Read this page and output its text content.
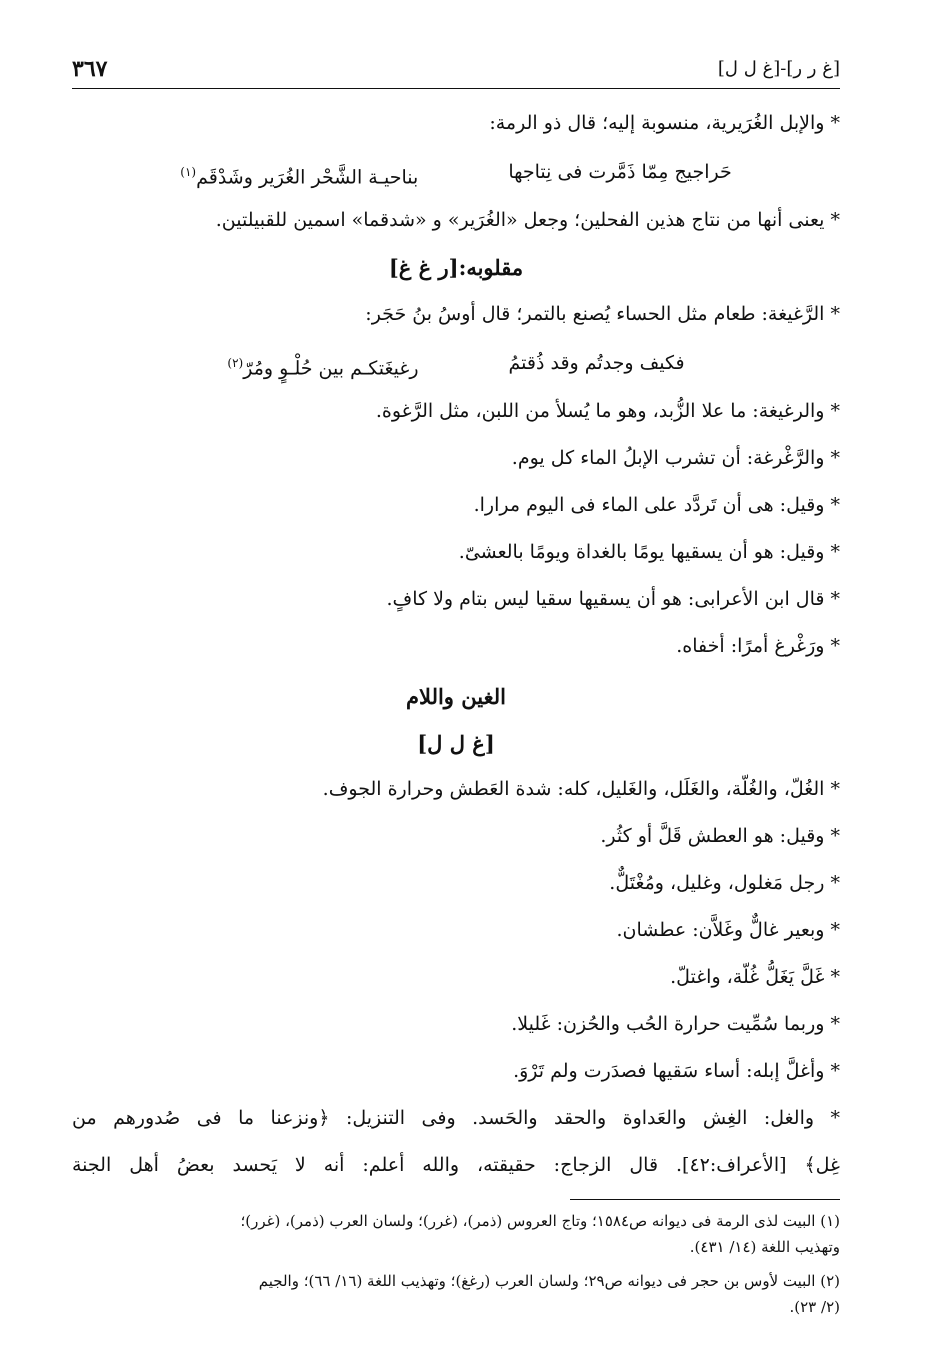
[غ ر ر]-[غ ل ل]
٣٦٧
* والإبل الغُرَيرية، منسوبة إليه؛ قال ذو الرمة:
حَراجيج مِمّا ذَمَّرت فى نِتاجها
بناحيـة الشَّحْر الغُرَير وشَدْقَم$^{(١)}$
* يعنى أنها من نتاج هذين الفحلين؛ وجعل «الغُرَير» و «شدقما» اسمين للقبيلتين.
مقلوبه:[ر غ غ]
* الرَّغيغة: طعام مثل الحساء يُصنع بالتمر؛ قال أوسُ بنُ حَجَر:
فكيف وجدتُم وقد ذُقتمُ
رغيغَتكـم بين حُلْـوٍ ومُرّ$^{(٢)}$
* والرغيغة: ما علا الزُّبد، وهو ما يُسلأ من اللبن، مثل الرَّغوة.
* والرَّغْرغة: أن تشرب الإبلُ الماء كل يوم.
* وقيل: هى أن تَردَّد على الماء فى اليوم مرارا.
* وقيل: هو أن يسقيها يومًا بالغداة ويومًا بالعشىّ.
* قال ابن الأعرابى: هو أن يسقيها سقيا ليس بتام ولا كافٍ.
* ورَغْرغ أمرًا: أخفاه.
الغين واللام
[غ ل ل]
* الغُلّ، والغُلّة، والغَلَل، والغَليل، كله: شدة العَطش وحرارة الجوف.
* وقيل: هو العطش قَلَّ أو كثُر.
* رجل مَغلول، وغليل، ومُغْتَلٌّ.
* وبعير غالٌّ وغَلاَّن: عطشان.
* غَلَّ يَغَلُّ غُلّة، واغتلّ.
* وربما سُمِّيت حرارة الحُب والحُزن: غَليلا.
* وأغلَّ إبله: أساء سَقيها فصدَرت ولم تَرْوَ.
* والغل: الغِش والعَداوة والحقد والحَسد. وفى التنزيل: ﴿ونزعنا ما فى صُدورهم من
غِل﴾ [الأعراف:٤٢]. قال الزجاج: حقيقته، والله أعلم: أنه لا يَحسد بعضُ أهل الجنة
(١) البيت لذى الرمة فى ديوانه ص١٥٨٤؛ وتاج العروس (ذمر)، (غرر)؛ ولسان العرب (ذمر)، (غرر)؛
وتهذيب اللغة (١٤/ ٤٣١).
(٢) البيت لأوس بن حجر فى ديوانه ص٢٩؛ ولسان العرب (رغغ)؛ وتهذيب اللغة (١٦/ ٦٦)؛ والجيم
(٢/ ٢٣).
